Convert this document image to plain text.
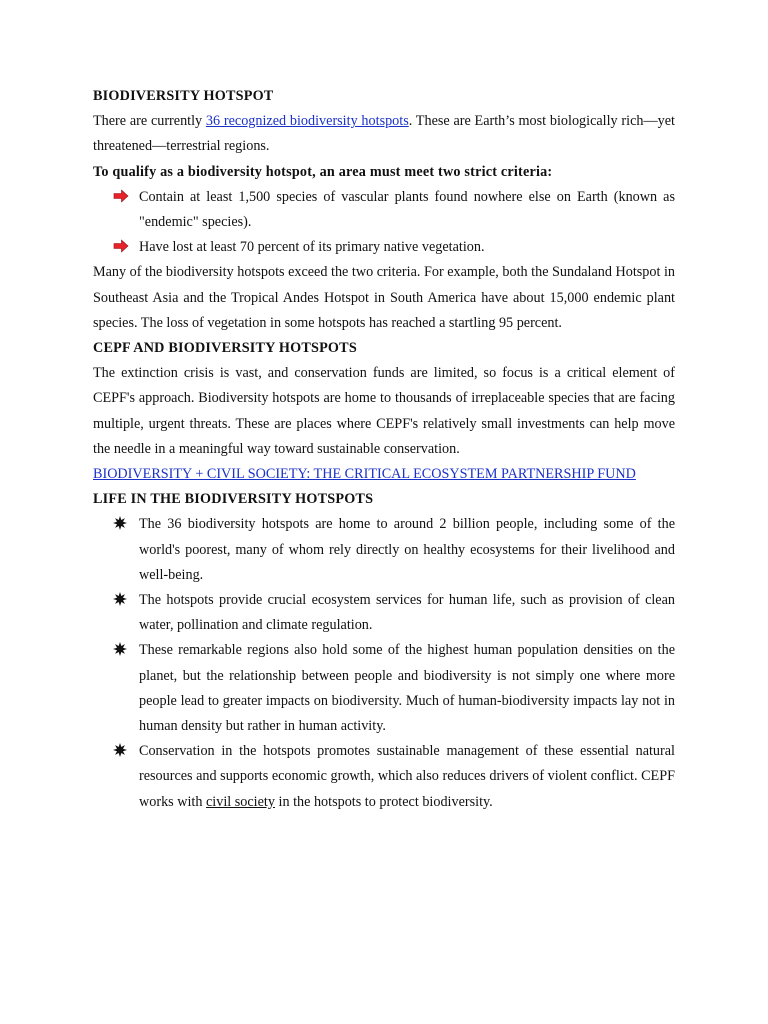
BIODIVERSITY HOTSPOT

There are currently 36 recognized biodiversity hotspots. These are Earth’s most biologically rich—yet threatened—terrestrial regions.

To qualify as a biodiversity hotspot, an area must meet two strict criteria:

Contain at least 1,500 species of vascular plants found nowhere else on Earth (known as "endemic" species).
Have lost at least 70 percent of its primary native vegetation.

Many of the biodiversity hotspots exceed the two criteria. For example, both the Sundaland Hotspot in Southeast Asia and the Tropical Andes Hotspot in South America have about 15,000 endemic plant species. The loss of vegetation in some hotspots has reached a startling 95 percent.

CEPF AND BIODIVERSITY HOTSPOTS

The extinction crisis is vast, and conservation funds are limited, so focus is a critical element of CEPF's approach. Biodiversity hotspots are home to thousands of irreplaceable species that are facing multiple, urgent threats. These are places where CEPF's relatively small investments can help move the needle in a meaningful way toward sustainable conservation.

BIODIVERSITY + CIVIL SOCIETY: THE CRITICAL ECOSYSTEM PARTNERSHIP FUND

LIFE IN THE BIODIVERSITY HOTSPOTS

The 36 biodiversity hotspots are home to around 2 billion people, including some of the world's poorest, many of whom rely directly on healthy ecosystems for their livelihood and well-being.
The hotspots provide crucial ecosystem services for human life, such as provision of clean water, pollination and climate regulation.
These remarkable regions also hold some of the highest human population densities on the planet, but the relationship between people and biodiversity is not simply one where more people lead to greater impacts on biodiversity. Much of human-biodiversity impacts lay not in human density but rather in human activity.
Conservation in the hotspots promotes sustainable management of these essential natural resources and supports economic growth, which also reduces drivers of violent conflict. CEPF works with civil society in the hotspots to protect biodiversity.
